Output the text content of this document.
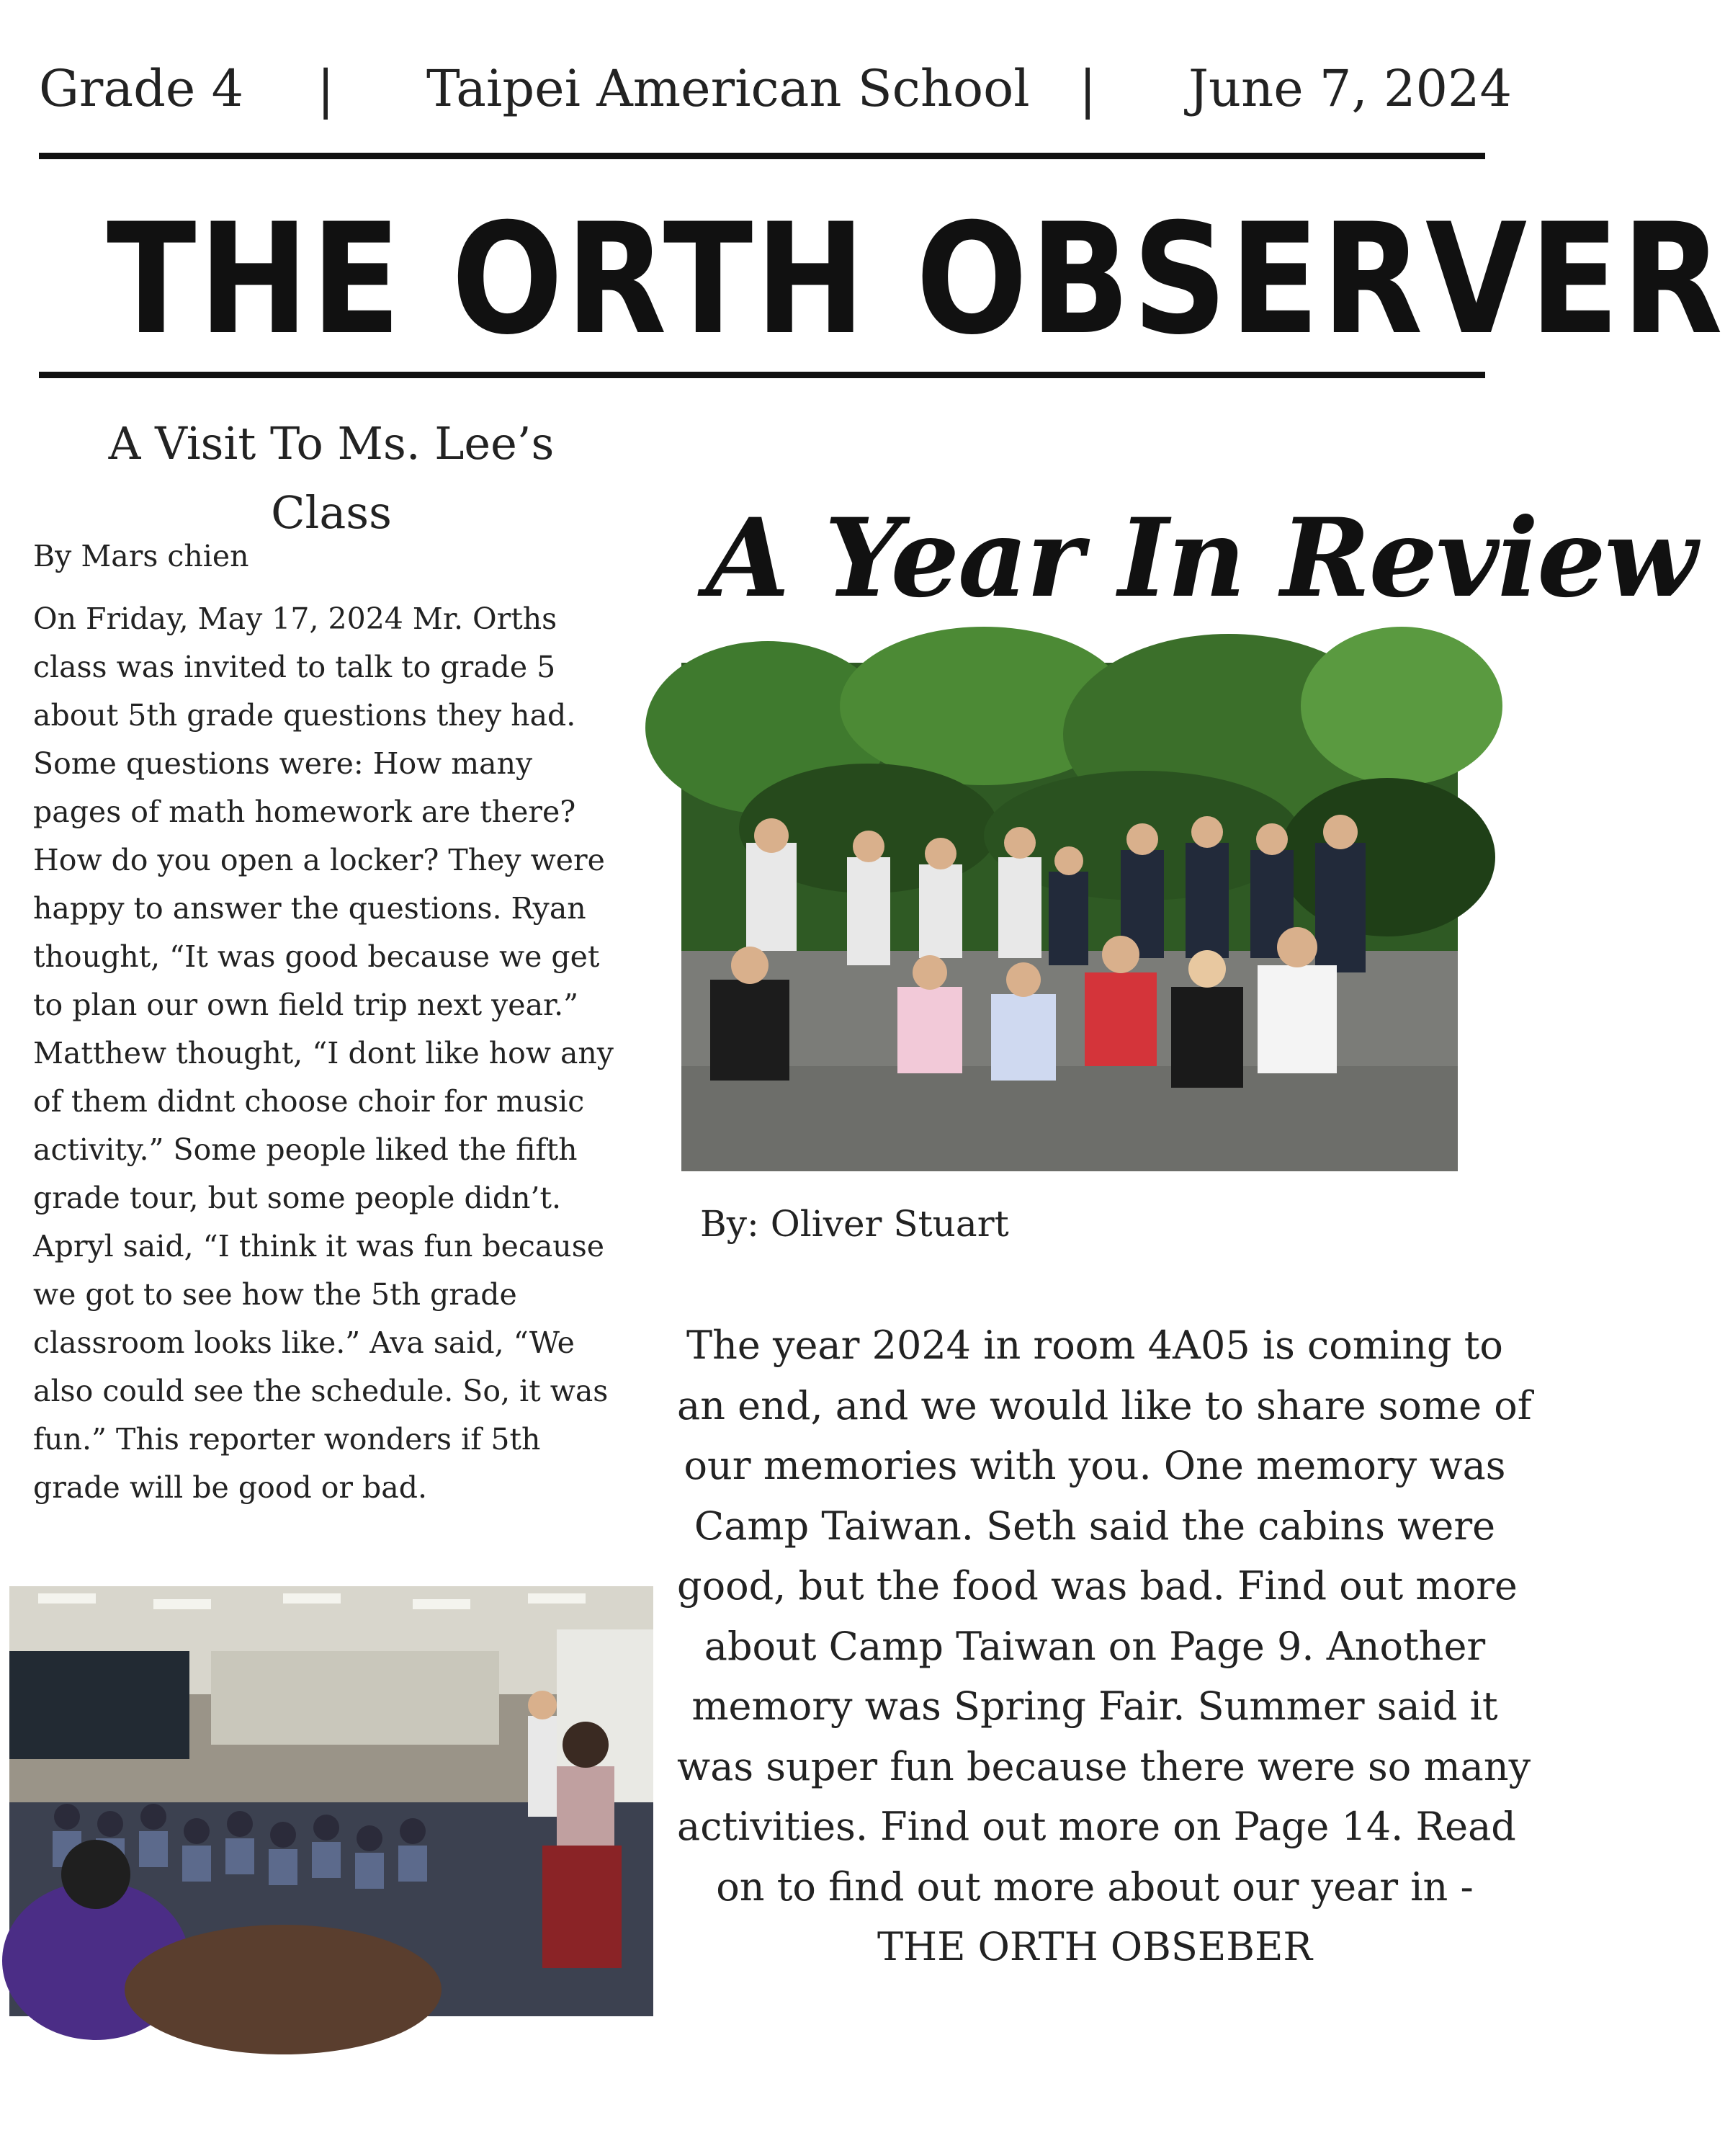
Grade 4 | Taipei American School | June 7, 2024
THE ORTH OBSERVER
A Visit To Ms. Lee’s
Class
By Mars chien
On Friday, May 17, 2024 Mr. Orths
class was invited to talk to grade 5
about 5th grade questions they had.
Some questions were: How many
pages of math homework are there?
How do you open a locker? They were
happy to answer the questions. Ryan
thought, “It was good because we get
to plan our own field trip next year.”
Matthew thought, “I dont like how any
of them didnt choose choir for music
activity.” Some people liked the fifth
grade tour, but some people didn’t.
Apryl said, “I think it was fun because
we got to see how the 5th grade
classroom looks like.” Ava said, “We
also could see the schedule. So, it was
fun.” This reporter wonders if 5th
grade will be good or bad.
A Year In Review
By: Oliver Stuart
The year 2024 in room 4A05 is coming to
an end, and we would like to share some of
our memories with you. One memory was
Camp Taiwan. Seth said the cabins were
good, but the food was bad. Find out more
about Camp Taiwan on Page 9. Another
memory was Spring Fair. Summer said it
was super fun because there were so many
activities. Find out more on Page 14. Read
on to find out more about our year in -
THE ORTH OBSEBER
